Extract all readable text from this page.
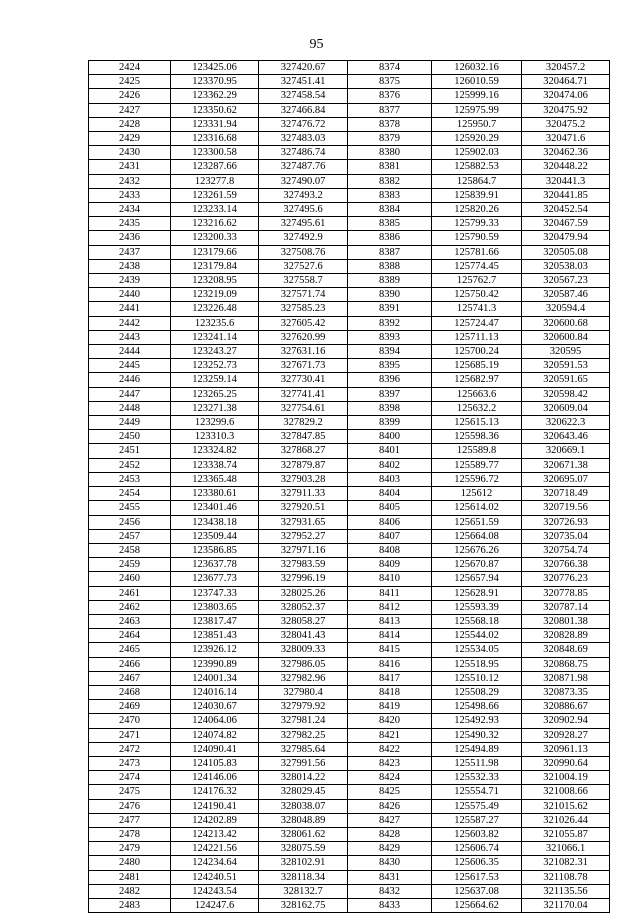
95
2424	123425.06	327420.67	8374	126032.16	320457.2
2425	123370.95	327451.41	8375	126010.59	320464.71
2426	123362.29	327458.54	8376	125999.16	320474.06
2427	123350.62	327466.84	8377	125975.99	320475.92
2428	123331.94	327476.72	8378	125950.7	320475.2
2429	123316.68	327483.03	8379	125920.29	320471.6
2430	123300.58	327486.74	8380	125902.03	320462.36
2431	123287.66	327487.76	8381	125882.53	320448.22
2432	123277.8	327490.07	8382	125864.7	320441.3
2433	123261.59	327493.2	8383	125839.91	320441.85
2434	123233.14	327495.6	8384	125820.26	320452.54
2435	123216.62	327495.61	8385	125799.33	320467.59
2436	123200.33	327492.9	8386	125790.59	320479.94
2437	123179.66	327508.76	8387	125781.66	320505.08
2438	123179.84	327527.6	8388	125774.45	320538.03
2439	123208.95	327558.7	8389	125762.7	320567.23
2440	123219.09	327571.74	8390	125750.42	320587.46
2441	123226.48	327585.23	8391	125741.3	320594.4
2442	123235.6	327605.42	8392	125724.47	320600.68
2443	123241.14	327620.99	8393	125711.13	320600.84
2444	123243.27	327631.16	8394	125700.24	320595
2445	123252.73	327671.73	8395	125685.19	320591.53
2446	123259.14	327730.41	8396	125682.97	320591.65
2447	123265.25	327741.41	8397	125663.6	320598.42
2448	123271.38	327754.61	8398	125632.2	320609.04
2449	123299.6	327829.2	8399	125615.13	320622.3
2450	123310.3	327847.85	8400	125598.36	320643.46
2451	123324.82	327868.27	8401	125589.8	320669.1
2452	123338.74	327879.87	8402	125589.77	320671.38
2453	123365.48	327903.28	8403	125596.72	320695.07
2454	123380.61	327911.33	8404	125612	320718.49
2455	123401.46	327920.51	8405	125614.02	320719.56
2456	123438.18	327931.65	8406	125651.59	320726.93
2457	123509.44	327952.27	8407	125664.08	320735.04
2458	123586.85	327971.16	8408	125676.26	320754.74
2459	123637.78	327983.59	8409	125670.87	320766.38
2460	123677.73	327996.19	8410	125657.94	320776.23
2461	123747.33	328025.26	8411	125628.91	320778.85
2462	123803.65	328052.37	8412	125593.39	320787.14
2463	123817.47	328058.27	8413	125568.18	320801.38
2464	123851.43	328041.43	8414	125544.02	320828.89
2465	123926.12	328009.33	8415	125534.05	320848.69
2466	123990.89	327986.05	8416	125518.95	320868.75
2467	124001.34	327982.96	8417	125510.12	320871.98
2468	124016.14	327980.4	8418	125508.29	320873.35
2469	124030.67	327979.92	8419	125498.66	320886.67
2470	124064.06	327981.24	8420	125492.93	320902.94
2471	124074.82	327982.25	8421	125490.32	320928.27
2472	124090.41	327985.64	8422	125494.89	320961.13
2473	124105.83	327991.56	8423	125511.98	320990.64
2474	124146.06	328014.22	8424	125532.33	321004.19
2475	124176.32	328029.45	8425	125554.71	321008.66
2476	124190.41	328038.07	8426	125575.49	321015.62
2477	124202.89	328048.89	8427	125587.27	321026.44
2478	124213.42	328061.62	8428	125603.82	321055.87
2479	124221.56	328075.59	8429	125606.74	321066.1
2480	124234.64	328102.91	8430	125606.35	321082.31
2481	124240.51	328118.34	8431	125617.53	321108.78
2482	124243.54	328132.7	8432	125637.08	321135.56
2483	124247.6	328162.75	8433	125664.62	321170.04
